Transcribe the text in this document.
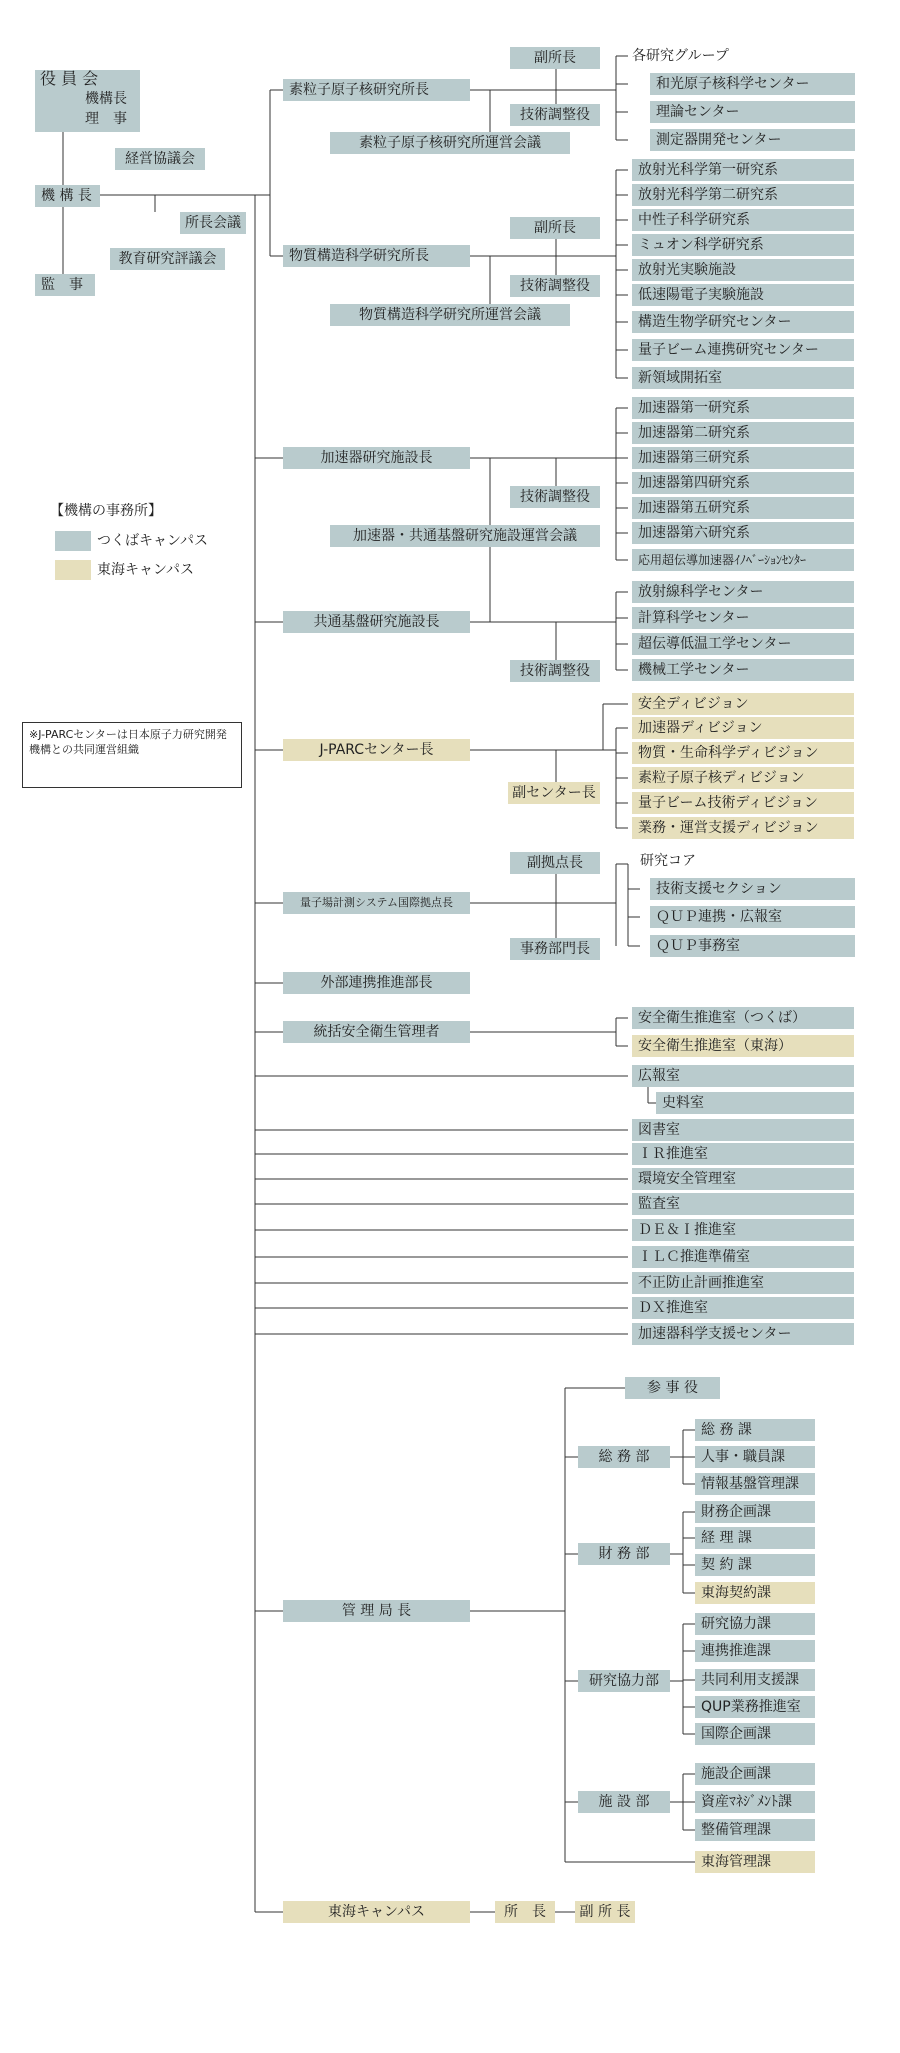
役 員 会
機構長
理　事
経営協議会
機 構 長
所長会議
教育研究評議会
監　事
【機構の事務所】
つくばキャンパス
東海キャンパス
※J-PARCセンターは日本原子力研究開発機構との共同運営組織
素粒子原子核研究所長
副所長
技術調整役
素粒子原子核研究所運営会議
各研究グループ
和光原子核科学センター
理論センター
測定器開発センター
物質構造科学研究所長
副所長
技術調整役
物質構造科学研究所運営会議
放射光科学第一研究系
放射光科学第二研究系
中性子科学研究系
ミュオン科学研究系
放射光実験施設
低速陽電子実験施設
構造生物学研究センター
量子ビーム連携研究センター
新領域開拓室
加速器研究施設長
技術調整役
加速器・共通基盤研究施設運営会議
加速器第一研究系
加速器第二研究系
加速器第三研究系
加速器第四研究系
加速器第五研究系
加速器第六研究系
応用超伝導加速器ｲﾉﾍﾞｰｼｮﾝｾﾝﾀｰ
共通基盤研究施設長
技術調整役
放射線科学センター
計算科学センター
超伝導低温工学センター
機械工学センター
J-PARCセンター長
副センター長
安全ディビジョン
加速器ディビジョン
物質・生命科学ディビジョン
素粒子原子核ディビジョン
量子ビーム技術ディビジョン
業務・運営支援ディビジョン
量子場計測システム国際拠点長
副拠点長
事務部門長
研究コア
技術支援セクション
ＱＵＰ連携・広報室
ＱＵＰ事務室
外部連携推進部長
統括安全衛生管理者
安全衛生推進室（つくば）
安全衛生推進室（東海）
広報室
史料室
図書室
ＩＲ推進室
環境安全管理室
監査室
ＤＥ＆Ｉ推進室
ＩＬＣ推進準備室
不正防止計画推進室
ＤＸ推進室
加速器科学支援センター
管 理 局 長
参 事 役
総 務 部
総 務 課
人事・職員課
情報基盤管理課
財 務 部
財務企画課
経 理 課
契 約 課
東海契約課
研究協力部
研究協力課
連携推進課
共同利用支援課
QUP業務推進室
国際企画課
施 設 部
施設企画課
資産ﾏﾈｼﾞﾒﾝﾄ課
整備管理課
東海管理課
東海キャンパス	所　長	副 所 長
